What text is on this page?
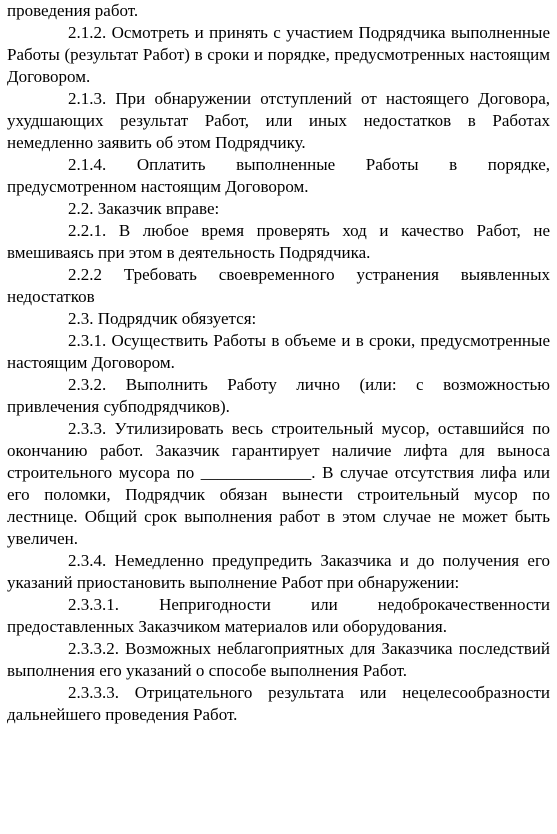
проведения работ.

2.1.2. Осмотреть и принять с участием Подрядчика выполненные Работы (результат Работ) в сроки и порядке, предусмотренных настоящим Договором.

2.1.3. При обнаружении отступлений от настоящего Договора, ухудшающих результат Работ, или иных недостатков в Работах немедленно заявить об этом Подрядчику.

2.1.4. Оплатить выполненные Работы в порядке, предусмотренном настоящим Договором.

2.2. Заказчик вправе:

2.2.1. В любое время проверять ход и качество Работ, не вмешиваясь при этом в деятельность Подрядчика.

2.2.2 Требовать своевременного устранения выявленных недостатков

2.3. Подрядчик обязуется:

2.3.1. Осуществить Работы в объеме и в сроки, предусмотренные настоящим Договором.

2.3.2. Выполнить Работу лично (или: с возможностью привлечения субподрядчиков).

2.3.3. Утилизировать весь строительный мусор, оставшийся по окончанию работ. Заказчик гарантирует наличие лифта для выноса строительного мусора по _____________. В случае отсутствия лифа или его поломки, Подрядчик обязан вынести строительный мусор по лестнице. Общий срок выполнения работ в этом случае не может быть увеличен.

2.3.4. Немедленно предупредить Заказчика и до получения его указаний приостановить выполнение Работ при обнаружении:

2.3.3.1. Непригодности или недоброкачественности предоставленных Заказчиком материалов или оборудования.

2.3.3.2. Возможных неблагоприятных для Заказчика последствий выполнения его указаний о способе выполнения Работ.

2.3.3.3. Отрицательного результата или нецелесообразности дальнейшего проведения Работ.
